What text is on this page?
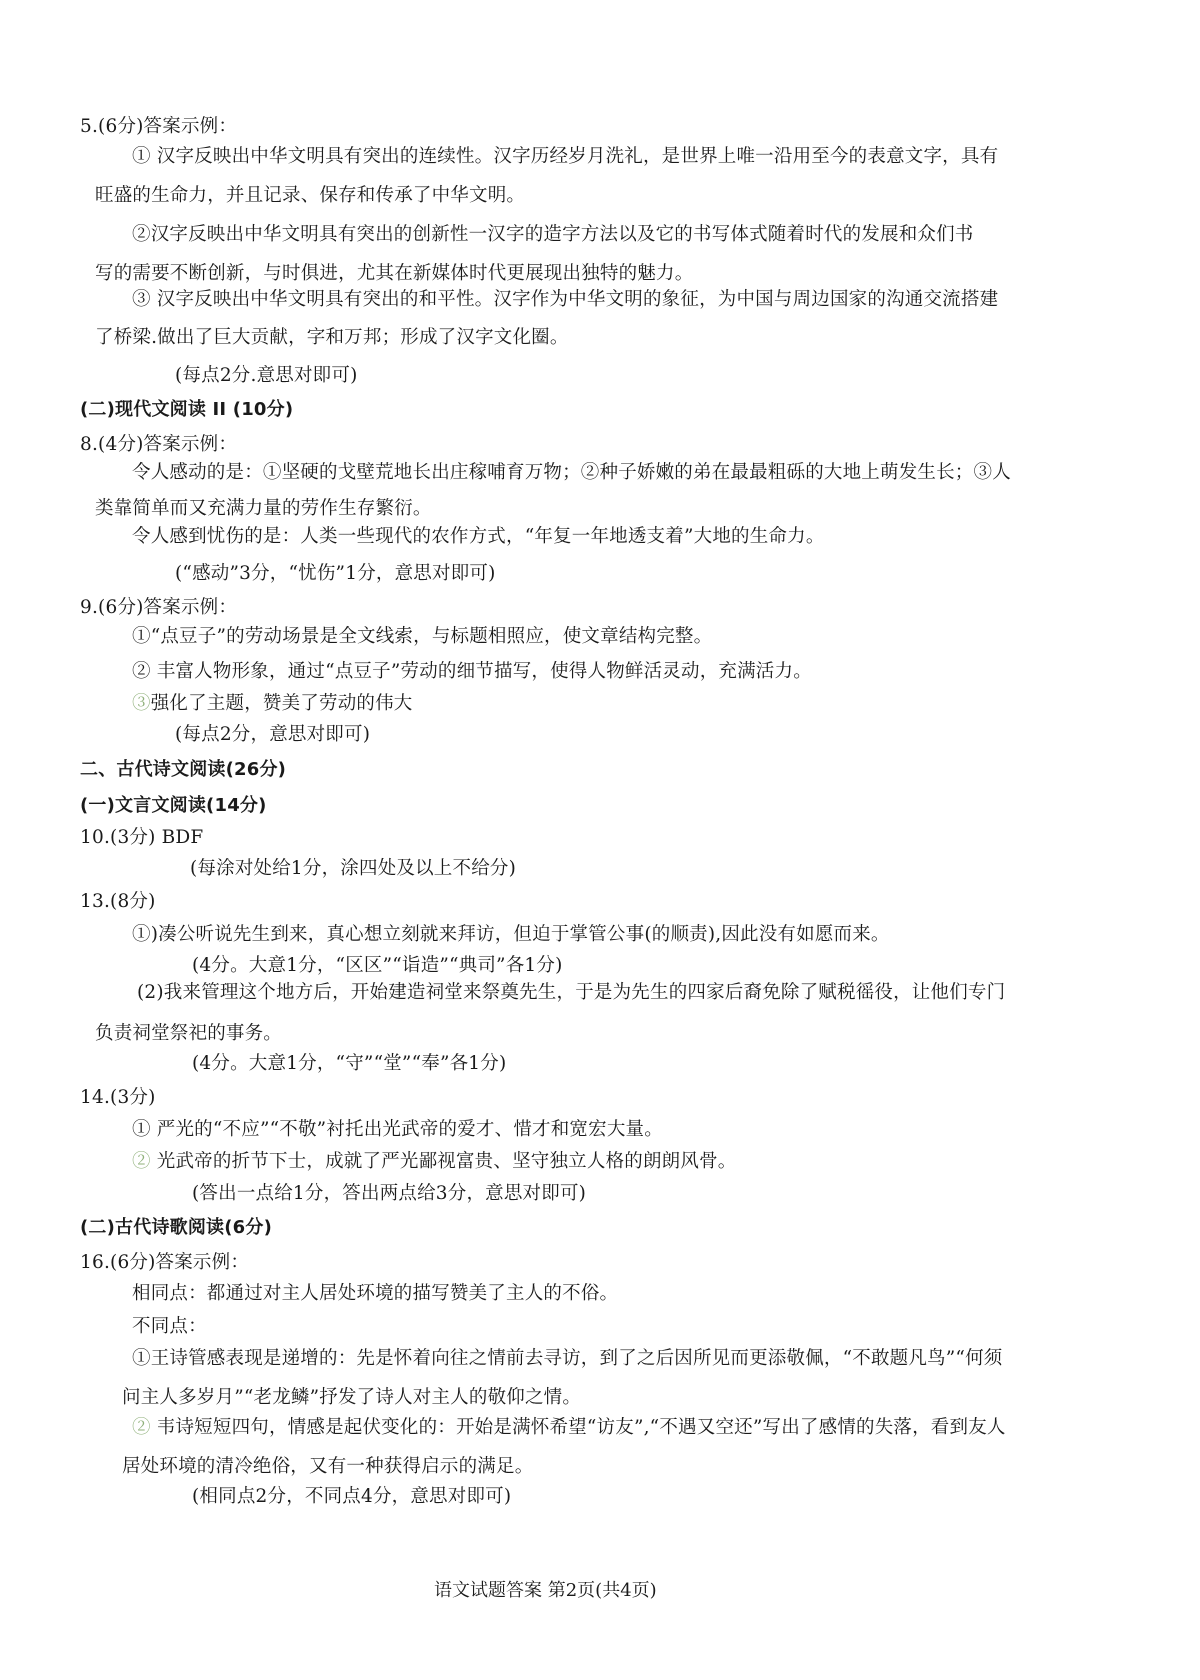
5.(6分)答案示例：
① 汉字反映出中华文明具有突出的连续性。汉字历经岁月洗礼，是世界上唯一沿用至今的表意文字，具有
旺盛的生命力，并且记录、保存和传承了中华文明。
②汉字反映出中华文明具有突出的创新性一汉字的造字方法以及它的书写体式随着时代的发展和众们书
写的需要不断创新，与时俱进，尤其在新媒体时代更展现出独特的魅力。
③ 汉字反映出中华文明具有突出的和平性。汉字作为中华文明的象征，为中国与周边国家的沟通交流搭建
了桥梁.做出了巨大贡献，字和万邦；形成了汉字文化圈。
(每点2分.意思对即可)
(二)现代文阅读 II (10分)
8.(4分)答案示例：
令人感动的是：①坚硬的戈壁荒地长出庄稼哺育万物；②种子娇嫩的弟在最最粗砾的大地上萌发生长；③人
类靠简单而又充满力量的劳作生存繁衍。
令人感到忧伤的是：人类一些现代的农作方式，“年复一年地透支着”大地的生命力。
(“感动”3分，“忧伤”1分，意思对即可)
9.(6分)答案示例：
①“点豆子”的劳动场景是全文线索，与标题相照应，使文章结构完整。
② 丰富人物形象，通过“点豆子”劳动的细节描写，使得人物鲜活灵动，充满活力。
③强化了主题，赞美了劳动的伟大
(每点2分，意思对即可)
二、古代诗文阅读(26分)
(一)文言文阅读(14分)
10.(3分) BDF
(每涂对处给1分，涂四处及以上不给分)
13.(8分)
①)凑公听说先生到来，真心想立刻就来拜访，但迫于掌管公事(的顺责),因此没有如愿而来。
(4分。大意1分，“区区”“诣造”“典司”各1分)
(2)我来管理这个地方后，开始建造祠堂来祭奠先生，于是为先生的四家后裔免除了赋税徭役，让他们专门
负责祠堂祭祀的事务。
(4分。大意1分，“守”“堂”“奉”各1分)
14.(3分)
① 严光的“不应”“不敬”衬托出光武帝的爱才、惜才和宽宏大量。
② 光武帝的折节下士，成就了严光鄙视富贵、坚守独立人格的朗朗风骨。
(答出一点给1分，答出两点给3分，意思对即可)
(二)古代诗歌阅读(6分)
16.(6分)答案示例：
相同点：都通过对主人居处环境的描写赞美了主人的不俗。
不同点：
①王诗管感表现是递增的：先是怀着向往之情前去寻访，到了之后因所见而更添敬佩，“不敢题凡鸟”“何须
问主人多岁月”“老龙鳞”抒发了诗人对主人的敬仰之情。
② 韦诗短短四句，情感是起伏变化的：开始是满怀希望“访友”,“不遇又空还”写出了感情的失落，看到友人
居处环境的清冷绝俗，又有一种获得启示的满足。
(相同点2分，不同点4分，意思对即可)
语文试题答案 第2页(共4页)
